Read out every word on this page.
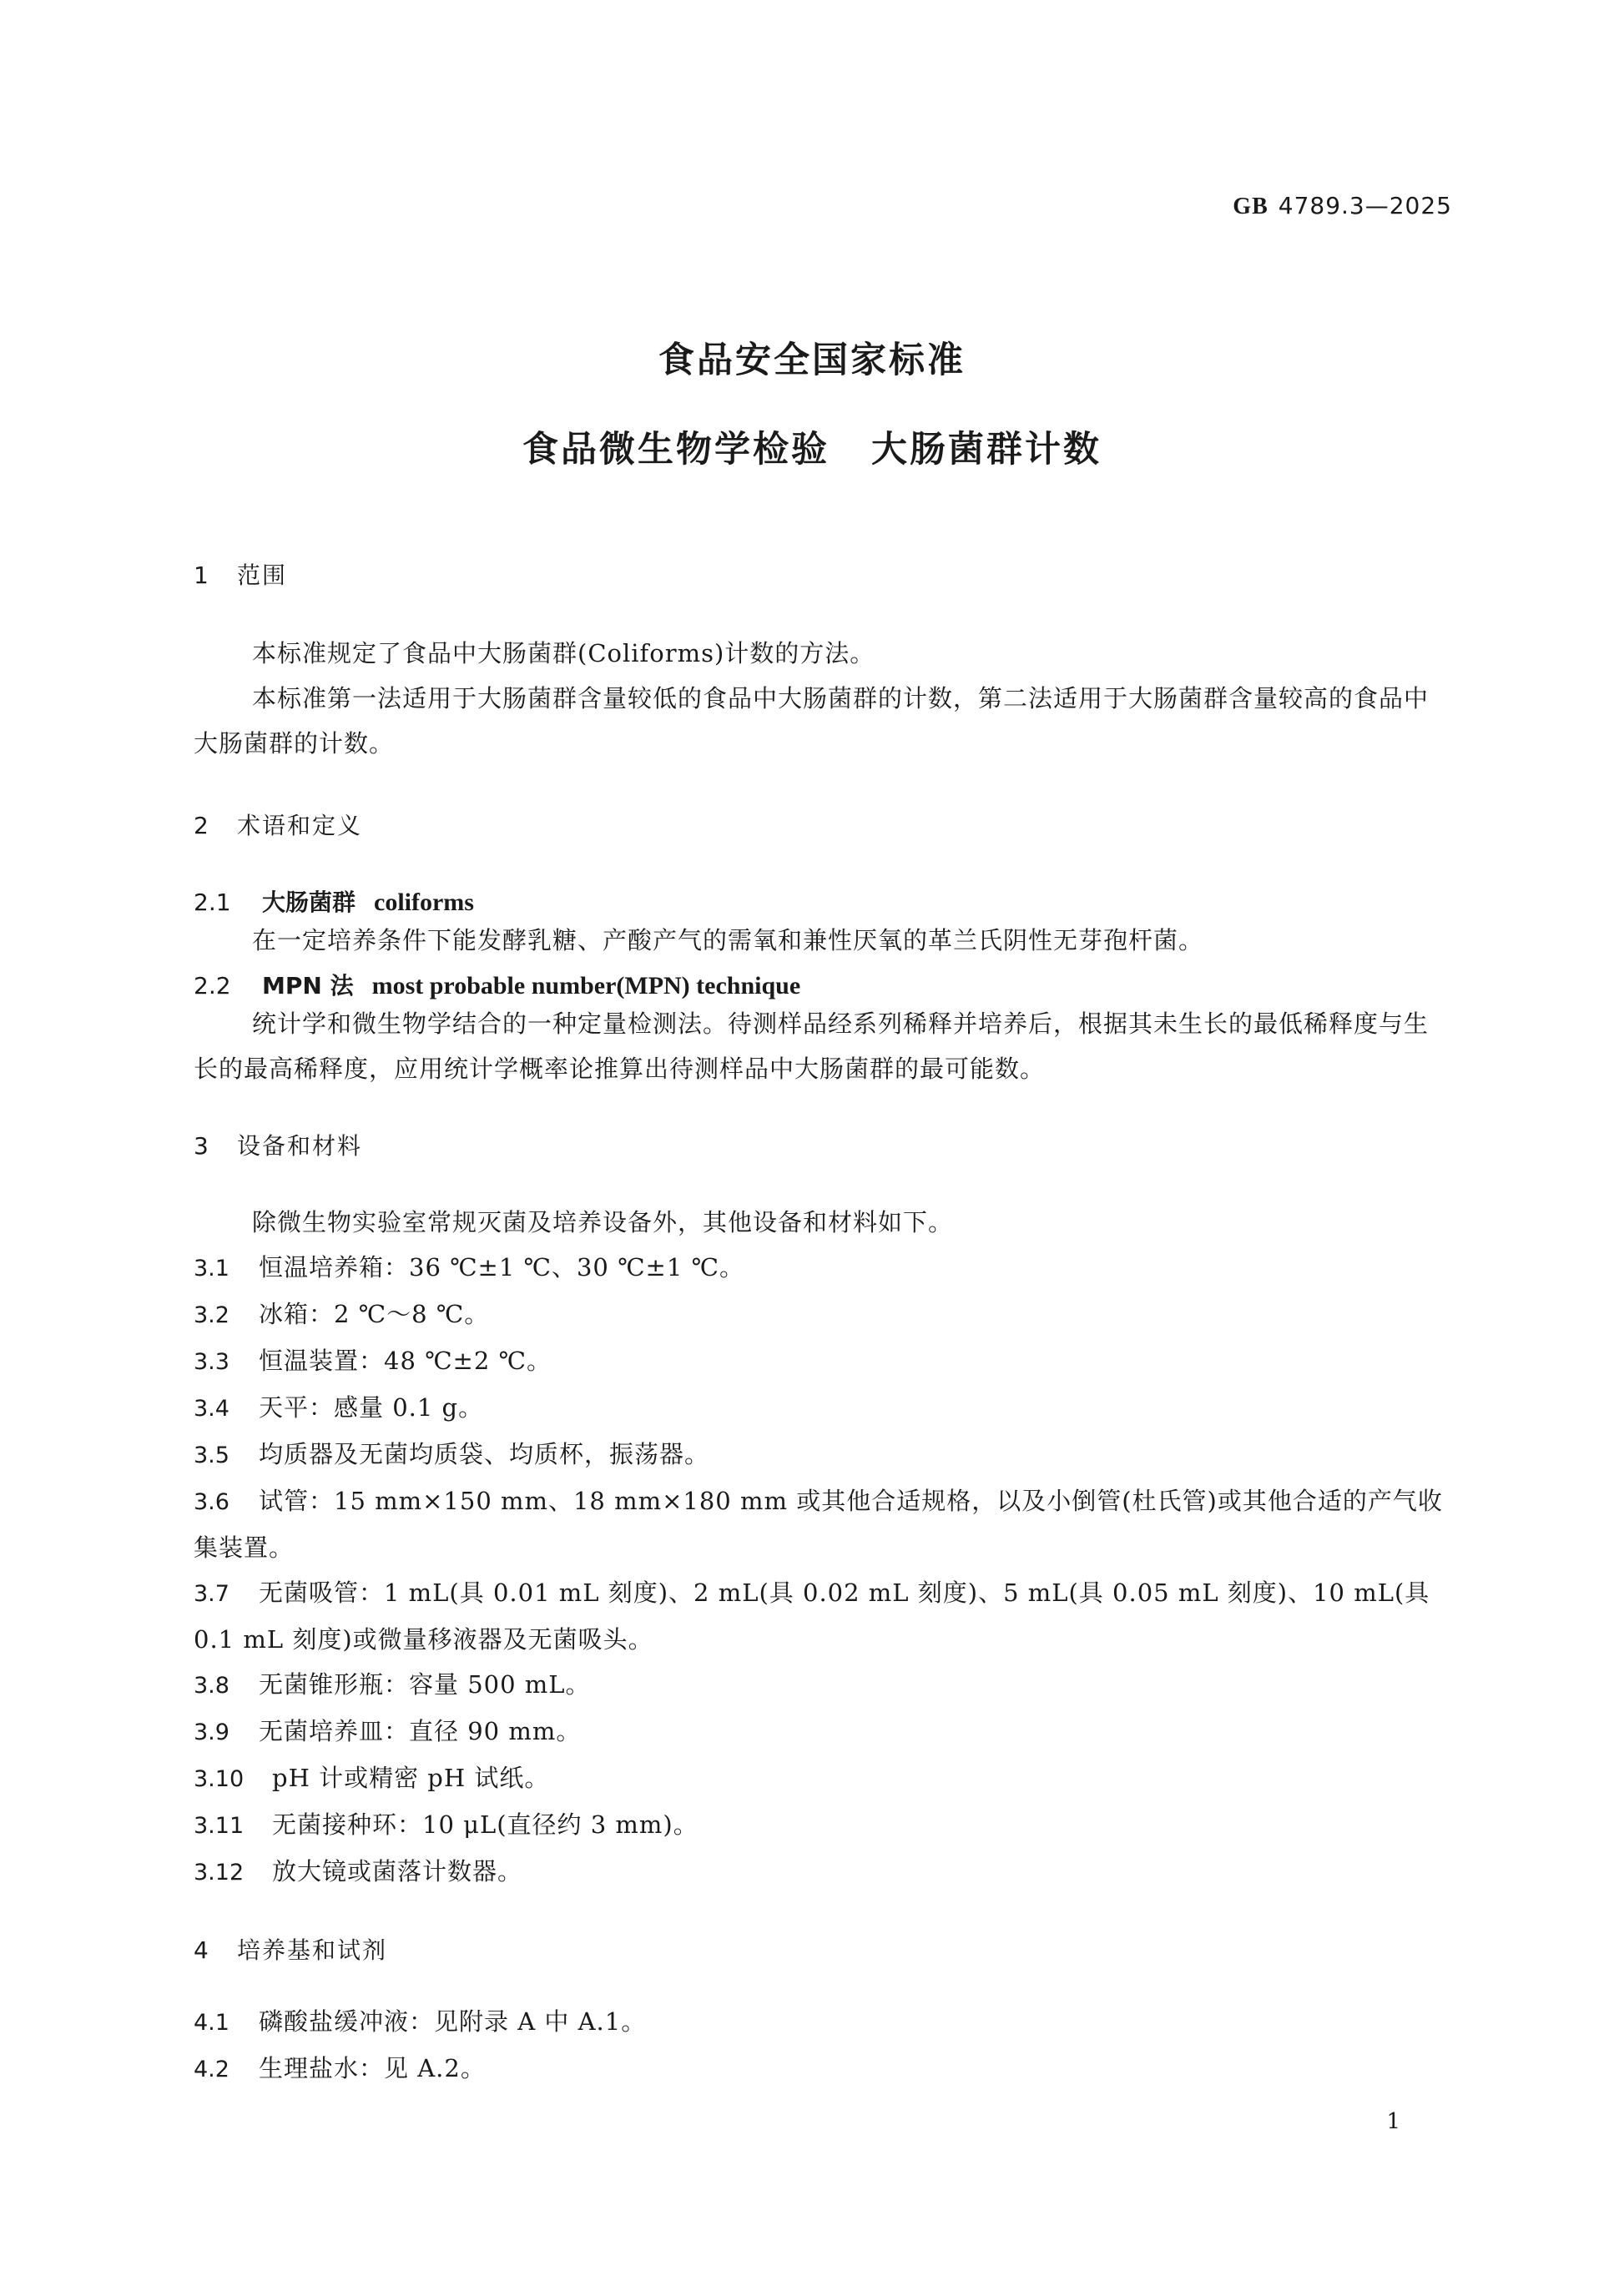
GB 4789.3—2025
食品安全国家标准
食品微生物学检验 大肠菌群计数
1 范围
本标准规定了食品中大肠菌群(Coliforms)计数的方法。
本标准第一法适用于大肠菌群含量较低的食品中大肠菌群的计数，第二法适用于大肠菌群含量较高的食品中大肠菌群的计数。
2 术语和定义
2.1 大肠菌群 coliforms
在一定培养条件下能发酵乳糖、产酸产气的需氧和兼性厌氧的革兰氏阴性无芽孢杆菌。
2.2 MPN 法 most probable number(MPN) technique
统计学和微生物学结合的一种定量检测法。待测样品经系列稀释并培养后，根据其未生长的最低稀释度与生长的最高稀释度，应用统计学概率论推算出待测样品中大肠菌群的最可能数。
3 设备和材料
除微生物实验室常规灭菌及培养设备外，其他设备和材料如下。
3.1 恒温培养箱：36 ℃±1 ℃、30 ℃±1 ℃。
3.2 冰箱：2 ℃～8 ℃。
3.3 恒温装置：48 ℃±2 ℃。
3.4 天平：感量 0.1 g。
3.5 均质器及无菌均质袋、均质杯，振荡器。
3.6 试管：15 mm×150 mm、18 mm×180 mm 或其他合适规格，以及小倒管(杜氏管)或其他合适的产气收集装置。
3.7 无菌吸管：1 mL(具 0.01 mL 刻度)、2 mL(具 0.02 mL 刻度)、5 mL(具 0.05 mL 刻度)、10 mL(具 0.1 mL 刻度)或微量移液器及无菌吸头。
3.8 无菌锥形瓶：容量 500 mL。
3.9 无菌培养皿：直径 90 mm。
3.10 pH 计或精密 pH 试纸。
3.11 无菌接种环：10 μL(直径约 3 mm)。
3.12 放大镜或菌落计数器。
4 培养基和试剂
4.1 磷酸盐缓冲液：见附录 A 中 A.1。
4.2 生理盐水：见 A.2。
1
